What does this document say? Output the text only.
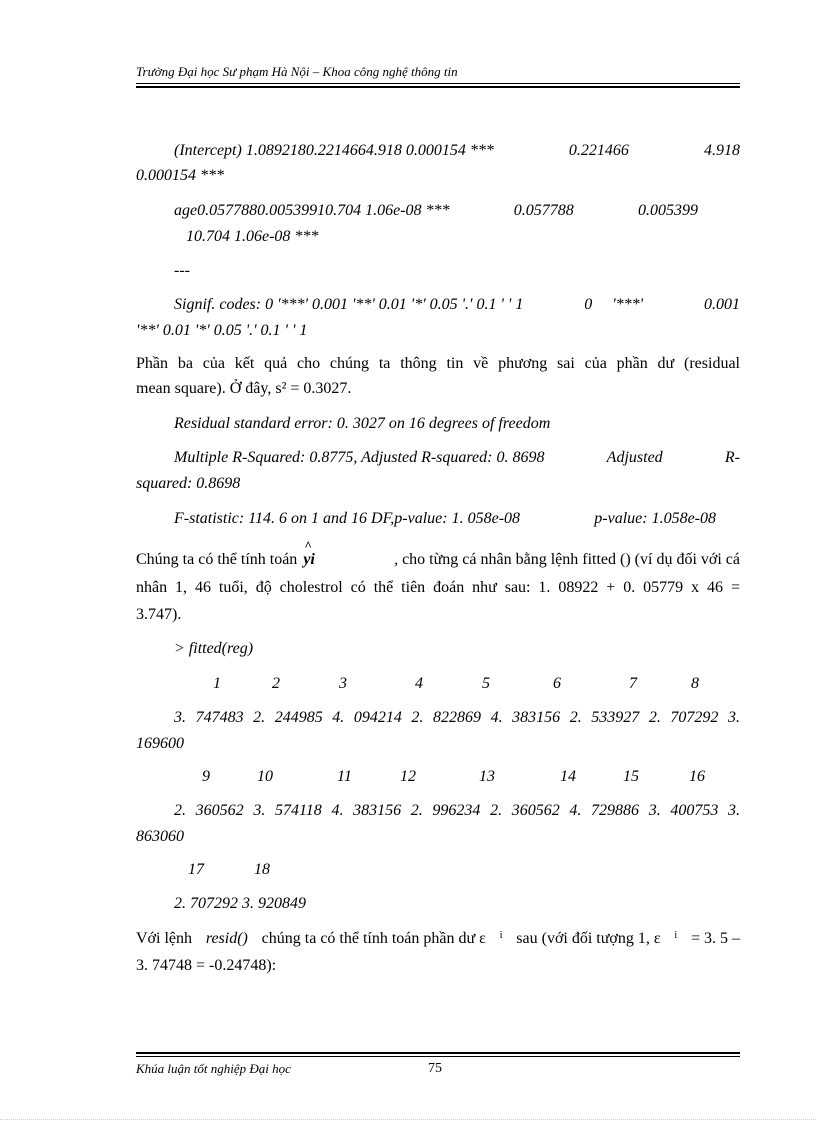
Trường Đại học Sư phạm Hà Nội – Khoa công nghệ thông tin
(Intercept) 1.0892180.2214664.918 0.000154 ***	0.221466	4.918
0.000154 ***
age0.0577880.00539910.704 1.06e-08 ***	0.057788	0.005399
10.704 1.06e-08 ***
---
Signif. codes: 0 '***' 0.001 '**' 0.01 '*' 0.05 '.' 0.1 ' ' 1	0 '***'	0.001
'**' 0.01 '*' 0.05 '.' 0.1 ' ' 1
Phần ba của kết quả cho chúng ta thông tin về phương sai của phần dư (residual
mean square). Ở đây, s² = 0.3027.
Residual standard error: 0. 3027 on 16 degrees of freedom
Multiple R-Squared: 0.8775, Adjusted R-squared: 0. 8698	Adjusted	R-
squared: 0.8698
F-statistic: 114. 6 on 1 and 16 DF,p-value: 1. 058e-08	p-value: 1.058e-08
Chúng ta có thể tính toán ^ yi	, cho từng cá nhân bằng lệnh fitted () (ví dụ đối với cá
nhân 1, 46 tuổi, độ cholestrol có thể tiên đoán như sau: 1. 08922 + 0. 05779 x 46 =
3.747).
> fitted(reg)
1	2	3	4	5	6	7	8
3. 747483 2. 244985 4. 094214 2. 822869 4. 383156 2. 533927 2. 707292 3.
169600
9	10	11	12	13	14	15	16
2. 360562 3. 574118 4. 383156 2. 996234 2. 360562 4. 729886 3. 400753 3.
863060
17	18
2. 707292 3. 920849
Với lệnh resid() chúng ta có thể tính toán phần dư ε i sau (với đối tượng 1, ε i = 3. 5 –
3. 74748 = -0.24748):
Khúa luận tốt nghiệp Đại học	75
